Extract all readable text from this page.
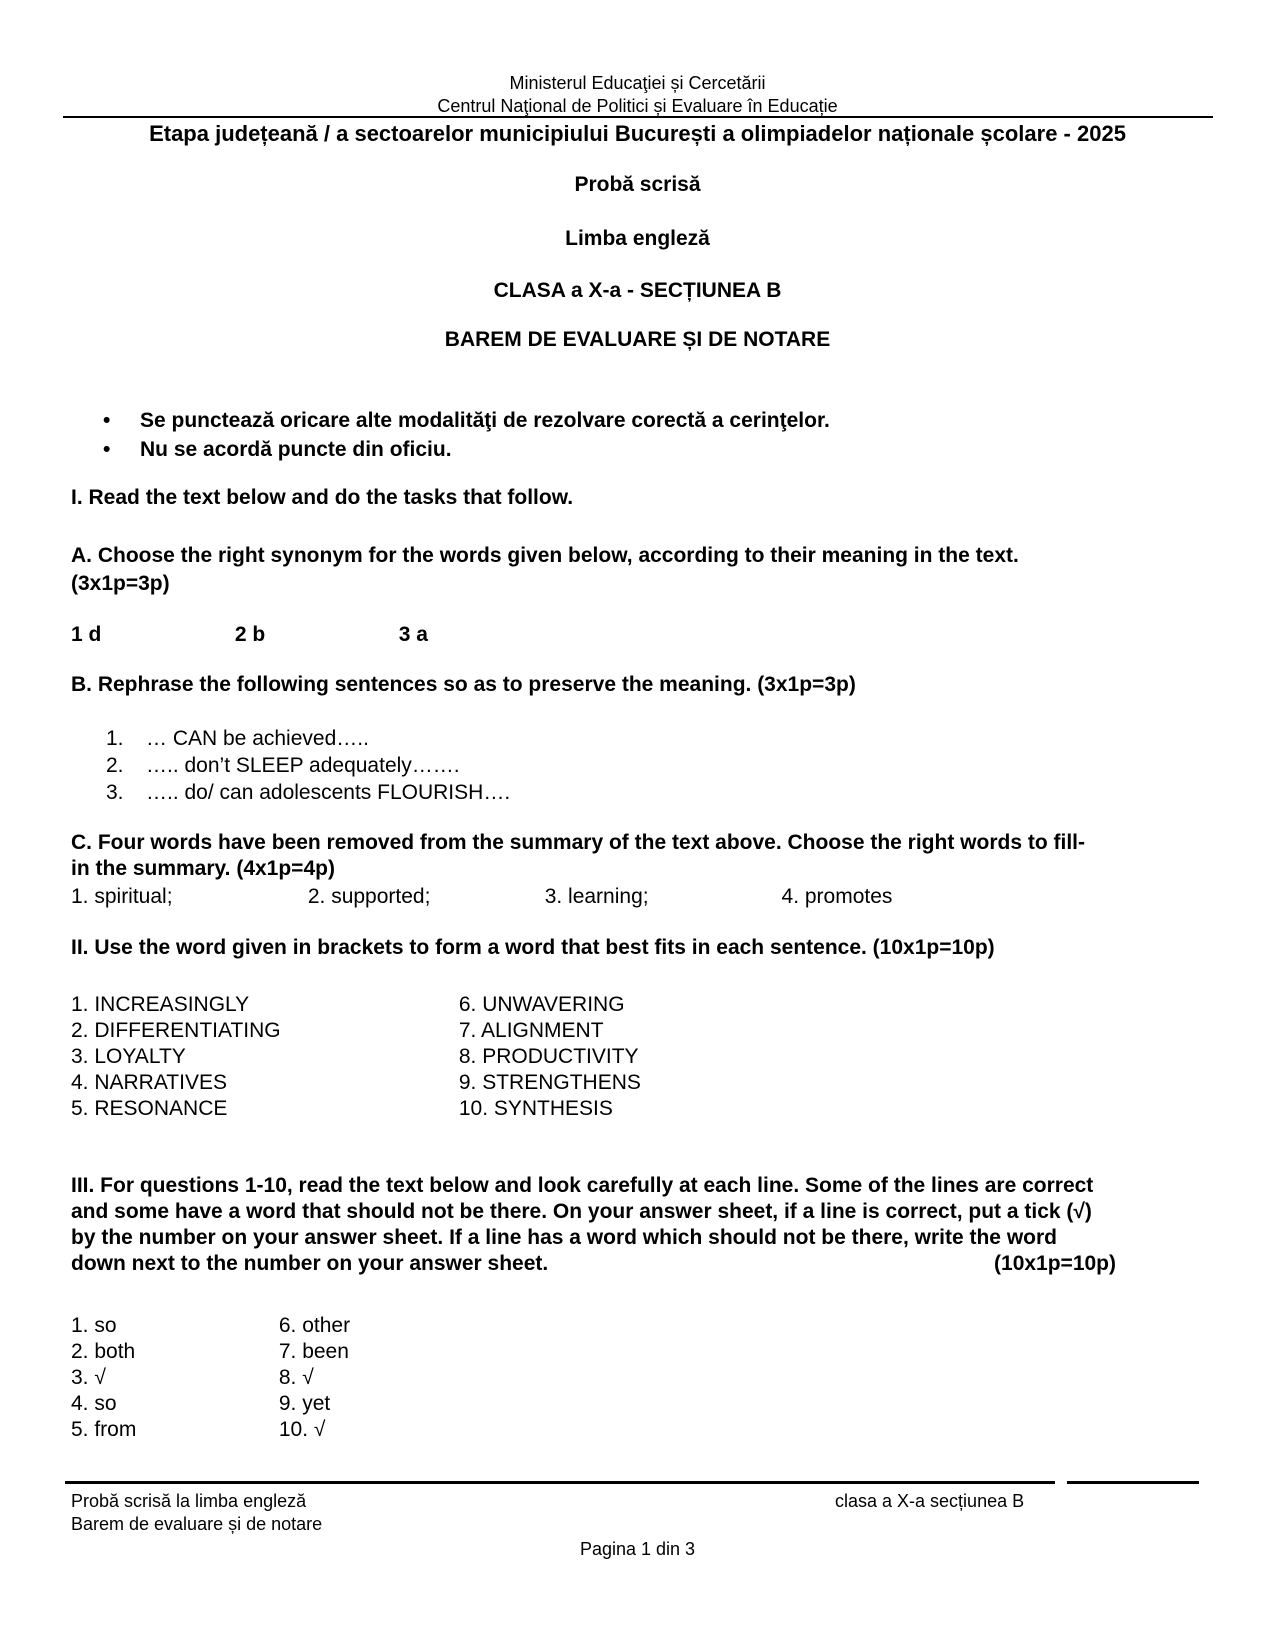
Ministerul Educaţiei și Cercetării
Centrul Naţional de Politici și Evaluare în Educație
Etapa județeană / a sectoarelor municipiului București a olimpiadelor naționale școlare - 2025
Probă scrisă
Limba engleză
CLASA a X-a - SECȚIUNEA B
BAREM DE EVALUARE ȘI DE NOTARE
•	Se punctează oricare alte modalităţi de rezolvare corectă a cerinţelor.
•	Nu se acordă puncte din oficiu.
I. Read the text below and do the tasks that follow.
A. Choose the right synonym for the words given below, according to their meaning in the text.
(3x1p=3p)
1 d	2 b	3 a
B. Rephrase the following sentences so as to preserve the meaning. (3x1p=3p)
1.	… CAN be achieved…..
2.	….. don’t SLEEP adequately…….
3.	….. do/ can adolescents FLOURISH….
C. Four words have been removed from the summary of the text above. Choose the right words to fill-
in the summary. (4x1p=4p)
1. spiritual;	2. supported;	3. learning;	4. promotes
II. Use the word given in brackets to form a word that best fits in each sentence. (10x1p=10p)
1. INCREASINGLY	6. UNWAVERING
2. DIFFERENTIATING	7. ALIGNMENT
3. LOYALTY	8. PRODUCTIVITY
4. NARRATIVES	9. STRENGTHENS
5. RESONANCE	10. SYNTHESIS
III. For questions 1-10, read the text below and look carefully at each line. Some of the lines are correct
and some have a word that should not be there. On your answer sheet, if a line is correct, put a tick (√)
by the number on your answer sheet. If a line has a word which should not be there, write the word
down next to the number on your answer sheet.	(10x1p=10p)
1. so	6. other
2. both	7. been
3. √	8. √
4. so	9. yet
5. from	10. √
Probă scrisă la limba engleză
Barem de evaluare și de notare
clasa a X-a secțiunea B
Pagina 1 din 3
